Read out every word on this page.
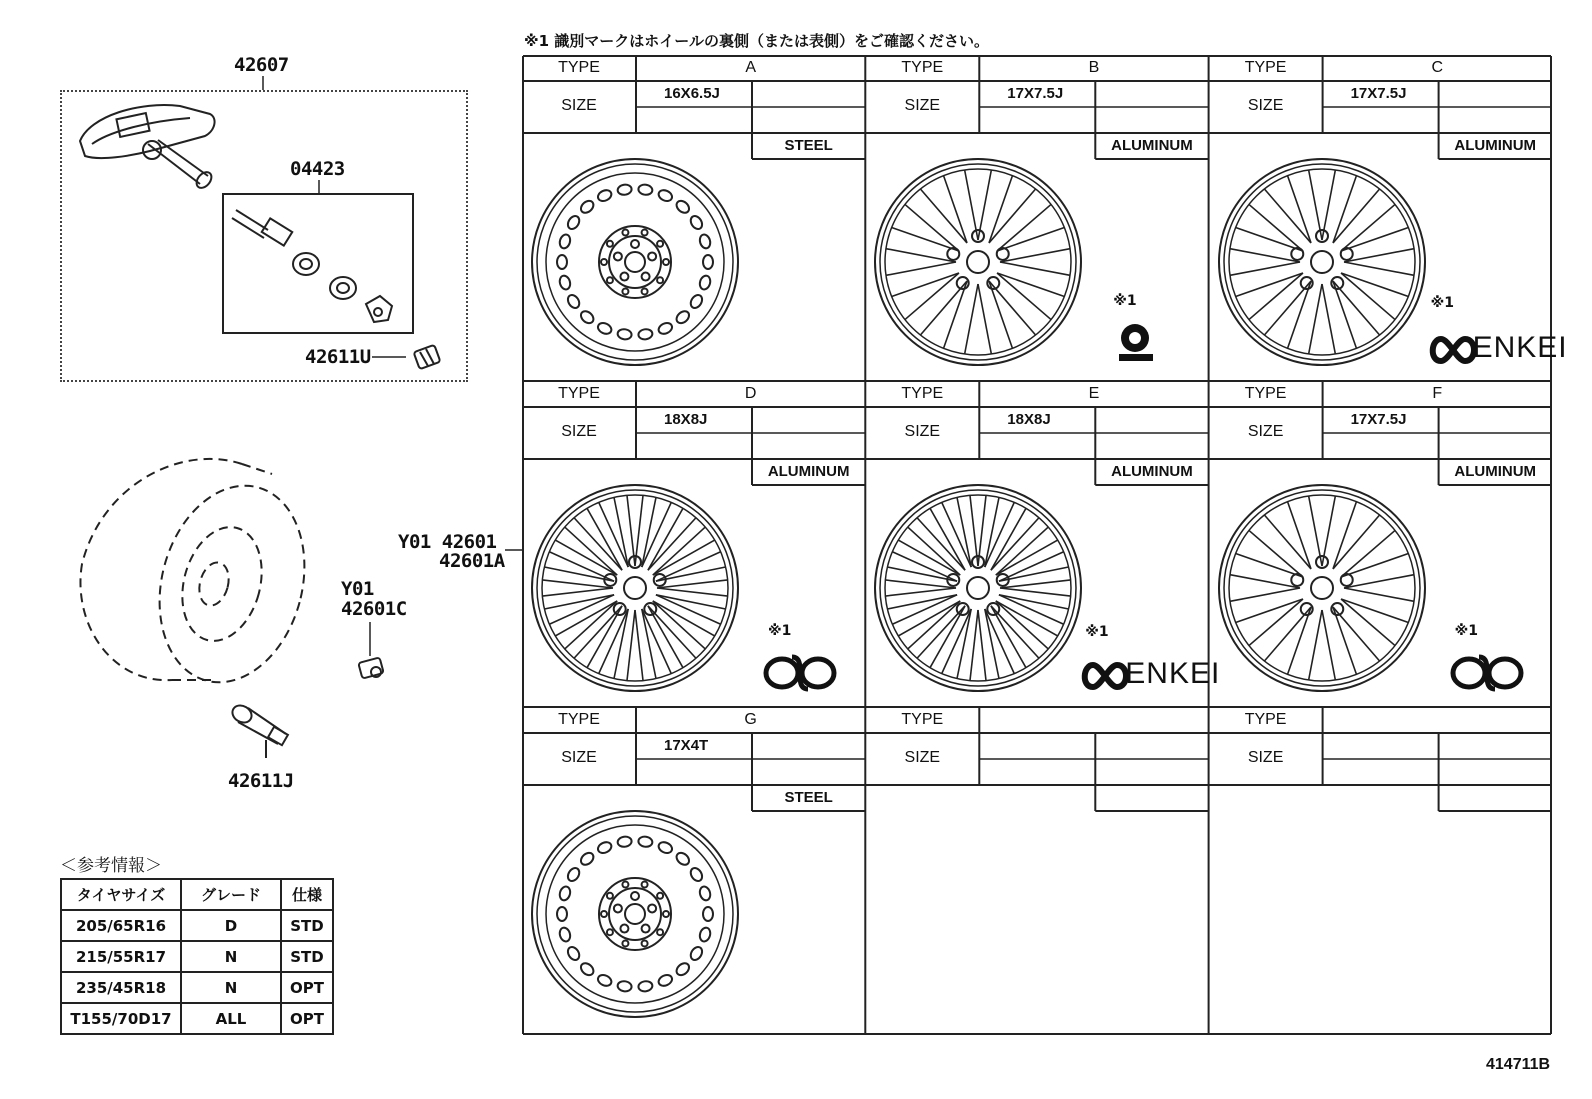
※1 識別マークはホイールの裏側（または表側）をご確認ください。
42607
04423
42611U
Y01 42601
42601A
Y01
42601C
42611J
＜参考情報＞
タイヤサイズ	グレード	仕様
205/65R16	D	STD
215/55R17	N	STD
235/45R18	N	OPT
T155/70D17	ALL	OPT
TYPE
SIZE
A
16X6.5J
STEEL
TYPE
SIZE
B
17X7.5J
ALUMINUM
※1
TYPE
SIZE
C
17X7.5J
ALUMINUM
※1
ENKEI
TYPE
SIZE
D
18X8J
ALUMINUM
※1
TYPE
SIZE
E
18X8J
ALUMINUM
※1
ENKEI
TYPE
SIZE
F
17X7.5J
ALUMINUM
※1
TYPE
SIZE
G
17X4T
STEEL
TYPE
SIZE
TYPE
SIZE
414711B
